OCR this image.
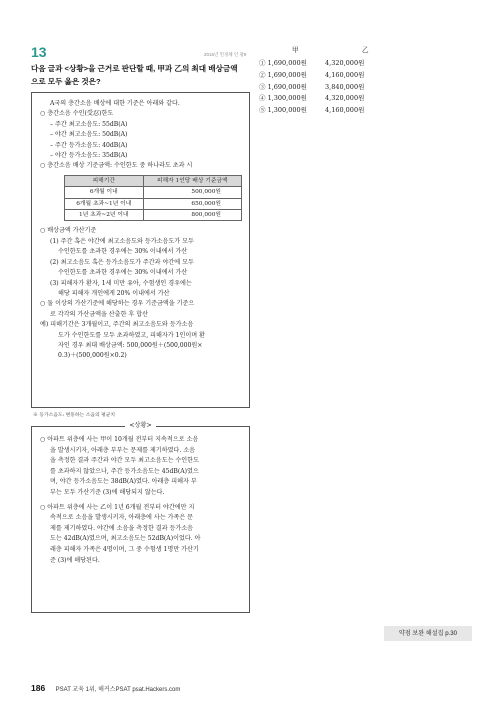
13	2015년 민경채 인 광9
다음 글과 <상황>을 근거로 판단할 때, 甲과 乙의 최대 배상금액
으로 모두 옳은 것은?
A국의 층간소음 배상에 대한 기준은 아래와 같다.
○ 층간소음 수인(受忍)한도
– 주간 최고소음도: 55dB(A)
– 야간 최고소음도: 50dB(A)
– 주간 등가소음도: 40dB(A)
– 야간 등가소음도: 35dB(A)
○ 층간소음 배상 기준금액: 수인한도 중 하나라도 초과 시
피해기간	피해자 1인당 배상 기준금액
6개월 이내	500,000원
6개월 초과~1년 이내	650,000원
1년 초과~2년 이내	800,000원
○ 배상금액 가산기준
(1) 주간 혹은 야간에 최고소음도와 등가소음도가 모두
수인한도를 초과한 경우에는 30% 이내에서 가산
(2) 최고소음도 혹은 등가소음도가 주간과 야간에 모두
수인한도를 초과한 경우에는 30% 이내에서 가산
(3) 피해자가 환자, 1세 미만 유아, 수험생인 경우에는
해당 피해자 개인에게 20% 이내에서 가산
○ 둘 이상의 가산기준에 해당하는 경우 기준금액을 기준으
로 각각의 가산금액을 산출한 후 합산
예) 피해기간은 3개월이고, 주간의 최고소음도와 등가소음
도가 수인한도를 모두 초과하였고, 피해자가 1인이며 환
자인 경우 최대 배상금액: 500,000원＋(500,000원×
0.3)＋(500,000원×0.2)
※ 등가소음도: 변동하는 소음의 평균치
<상황>
○ 아파트 위층에 사는 甲이 10개월 전부터 지속적으로 소음
을 발생시키자, 아래층 부부는 문제를 제기하였다. 소음
을 측정한 결과 주간과 야간 모두 최고소음도는 수인한도
를 초과하지 않았으나, 주간 등가소음도는 45dB(A)였으
며, 야간 등가소음도는 38dB(A)였다. 아래층 피해자 부
부는 모두 가산기준 (3)에 해당되지 않는다.
○ 아파트 위층에 사는 乙이 1년 6개월 전부터 야간에만 지
속적으로 소음을 발생시키자, 아래층에 사는 가족은 문
제를 제기하였다. 야간에 소음을 측정한 결과 등가소음
도는 42dB(A)였으며, 최고소음도는 52dB(A)이었다. 아
래층 피해자 가족은 4명이며, 그 중 수험생 1명만 가산기
준 (3)에 해당된다.
甲	乙
① 1,690,000원	4,320,000원
② 1,690,000원	4,160,000원
③ 1,690,000원	3,840,000원
④ 1,300,000원	4,320,000원
⑤ 1,300,000원	4,160,000원
약점 보완 해설집 p.30
186 PSAT 교육 1위, 해커스PSAT psat.Hackers.com
